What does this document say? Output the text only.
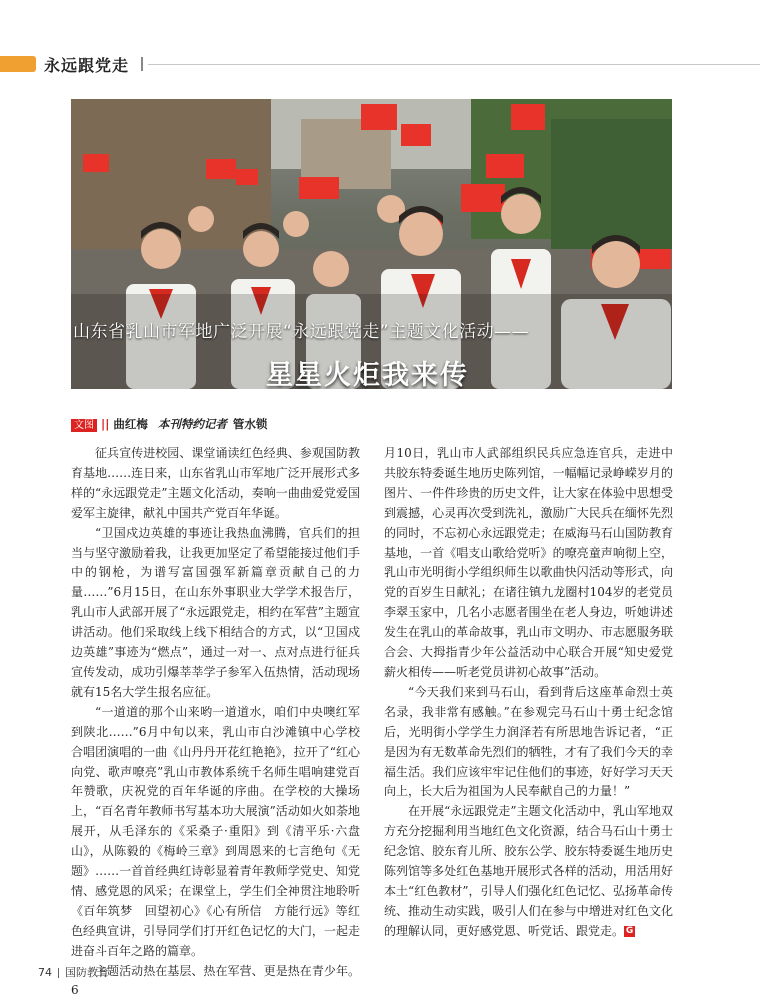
永远跟党走
山东省乳山市军地广泛开展“永远跟党走”主题文化活动——
星星火炬我来传
文图 || 曲红梅 本刊特约记者 管水锁

征兵宣传进校园、课堂诵读红色经典、参观国防教育基地……连日来，山东省乳山市军地广泛开展形式多样的“永远跟党走”主题文化活动，奏响一曲曲爱党爱国爱军主旋律，献礼中国共产党百年华诞。

“卫国戍边英雄的事迹让我热血沸腾，官兵们的担当与坚守激励着我，让我更加坚定了希望能接过他们手中的钢枪，为谱写富国强军新篇章贡献自己的力量……”6月15日，在山东外事职业大学学术报告厅，乳山市人武部开展了“永远跟党走，相约在军营”主题宣讲活动。他们采取线上线下相结合的方式，以“卫国戍边英雄”事迹为“燃点”，通过一对一、点对点进行征兵宣传发动，成功引爆莘莘学子参军入伍热情，活动现场就有15名大学生报名应征。

“一道道的那个山来哟一道道水，咱们中央噢红军到陕北……”6月中旬以来，乳山市白沙滩镇中心学校合唱团演唱的一曲《山丹丹开花红艳艳》，拉开了“红心向党、歌声嘹亮”乳山市教体系统千名师生唱响建党百年赞歌，庆祝党的百年华诞的序曲。在学校的大操场上，“百名青年教师书写基本功大展演”活动如火如荼地展开，从毛泽东的《采桑子·重阳》到《清平乐·六盘山》，从陈毅的《梅岭三章》到周恩来的七言绝句《无题》……一首首经典红诗彰显着青年教师学党史、知党情、感党恩的风采；在课堂上，学生们全神贯注地聆听《百年筑梦　回望初心》《心有所信　方能行远》等红色经典宣讲，引导同学们打开红色记忆的大门，一起走进奋斗百年之路的篇章。

主题活动热在基层、热在军营、更是热在青少年。6

月10日，乳山市人武部组织民兵应急连官兵，走进中共胶东特委诞生地历史陈列馆，一幅幅记录峥嵘岁月的图片、一件件珍贵的历史文件，让大家在体验中思想受到震撼，心灵再次受到洗礼，激励广大民兵在缅怀先烈的同时，不忘初心永远跟党走；在威海马石山国防教育基地，一首《唱支山歌给党听》的嘹亮童声响彻上空，乳山市光明街小学组织师生以歌曲快闪活动等形式，向党的百岁生日献礼；在诸往镇九龙圈村104岁的老党员李翠玉家中，几名小志愿者围坐在老人身边，听她讲述发生在乳山的革命故事，乳山市文明办、市志愿服务联合会、大拇指青少年公益活动中心联合开展“知史爱党薪火相传——听老党员讲初心故事”活动。

“今天我们来到马石山，看到背后这座革命烈士英名录，我非常有感触。”在参观完马石山十勇士纪念馆后，光明街小学学生力润泽若有所思地告诉记者，“正是因为有无数革命先烈们的牺牲，才有了我们今天的幸福生活。我们应该牢牢记住他们的事迹，好好学习天天向上，长大后为祖国为人民奉献自己的力量！”

在开展“永远跟党走”主题文化活动中，乳山军地双方充分挖掘利用当地红色文化资源，结合马石山十勇士纪念馆、胶东育儿所、胶东公学、胶东特委诞生地历史陈列馆等多处红色基地开展形式各样的活动，用活用好本土“红色教材”，引导人们强化红色记忆、弘扬革命传统、推动生动实践，吸引人们在参与中增进对红色文化的理解认同，更好感党恩、听党话、跟党走。 G

74 国防教育
